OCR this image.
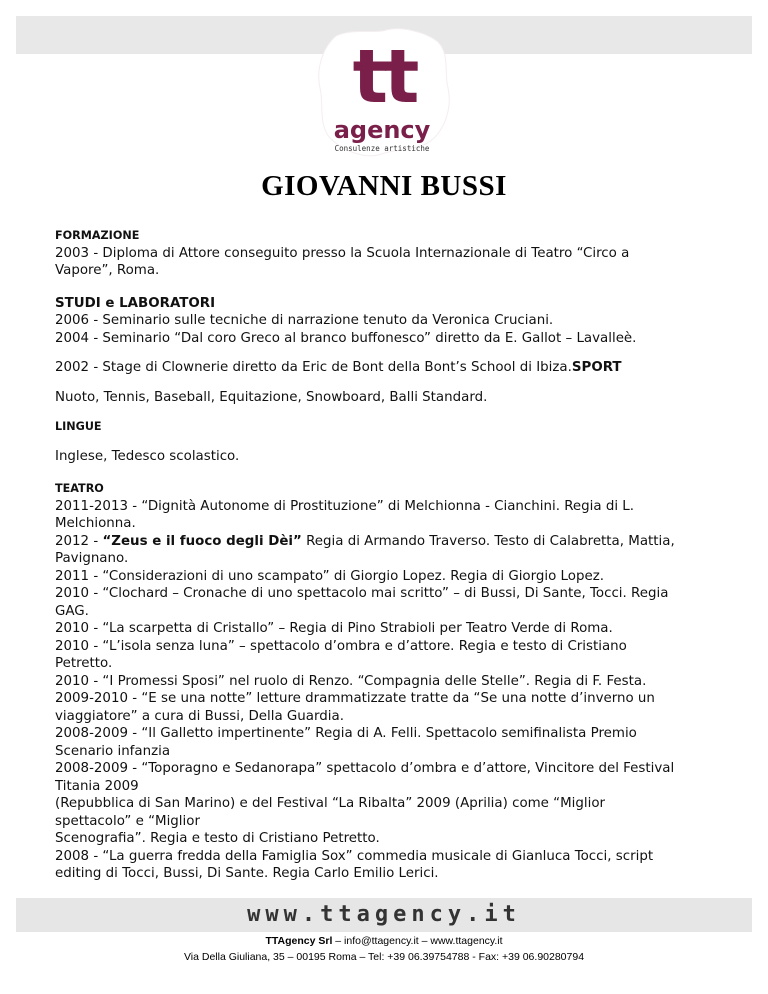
tt
agency
Consulenze artistiche
GIOVANNI BUSSI

FORMAZIONE

2003 - Diploma di Attore conseguito presso la Scuola Internazionale di Teatro “Circo a

Vapore”, Roma.

STUDI e LABORATORI

2006 - Seminario sulle tecniche di narrazione tenuto da Veronica Cruciani.

2004 - Seminario “Dal coro Greco al branco buffonesco” diretto da E. Gallot – Lavalleè.

2002 - Stage di Clownerie diretto da Eric de Bont della Bont’s School di Ibiza.SPORT

Nuoto, Tennis, Baseball, Equitazione, Snowboard, Balli Standard.

LINGUE

Inglese, Tedesco scolastico.

TEATRO

2011-2013 - “Dignità Autonome di Prostituzione” di Melchionna - Cianchini. Regia di L.

Melchionna.

2012 - “Zeus e il fuoco degli Dèi” Regia di Armando Traverso. Testo di Calabretta, Mattia,

Pavignano.

2011 - “Considerazioni di uno scampato” di Giorgio Lopez. Regia di Giorgio Lopez.

2010 - “Clochard – Cronache di uno spettacolo mai scritto” – di Bussi, Di Sante, Tocci. Regia

GAG.

2010 - “La scarpetta di Cristallo” – Regia di Pino Strabioli per Teatro Verde di Roma.

2010 - “L’isola senza luna” – spettacolo d’ombra e d’attore. Regia e testo di Cristiano

Petretto.

2010 - “I Promessi Sposi” nel ruolo di Renzo. “Compagnia delle Stelle”. Regia di F. Festa.

2009-2010 - “E se una notte” letture drammatizzate tratte da “Se una notte d’inverno un

viaggiatore” a cura di Bussi, Della Guardia.

2008-2009 - “Il Galletto impertinente” Regia di A. Felli. Spettacolo semifinalista Premio

Scenario infanzia

2008-2009 - “Toporagno e Sedanorapa” spettacolo d’ombra e d’attore, Vincitore del Festival

Titania 2009

(Repubblica di San Marino) e del Festival “La Ribalta” 2009 (Aprilia) come “Miglior

spettacolo” e “Miglior

Scenografia”. Regia e testo di Cristiano Petretto.

2008 - “La guerra fredda della Famiglia Sox” commedia musicale di Gianluca Tocci, script

editing di Tocci, Bussi, Di Sante. Regia Carlo Emilio Lerici.

www.ttagency.it
TTAgency Srl – info@ttagency.it – www.ttagency.it
Via Della Giuliana, 35 – 00195 Roma – Tel: +39 06.39754788 - Fax: +39 06.90280794
